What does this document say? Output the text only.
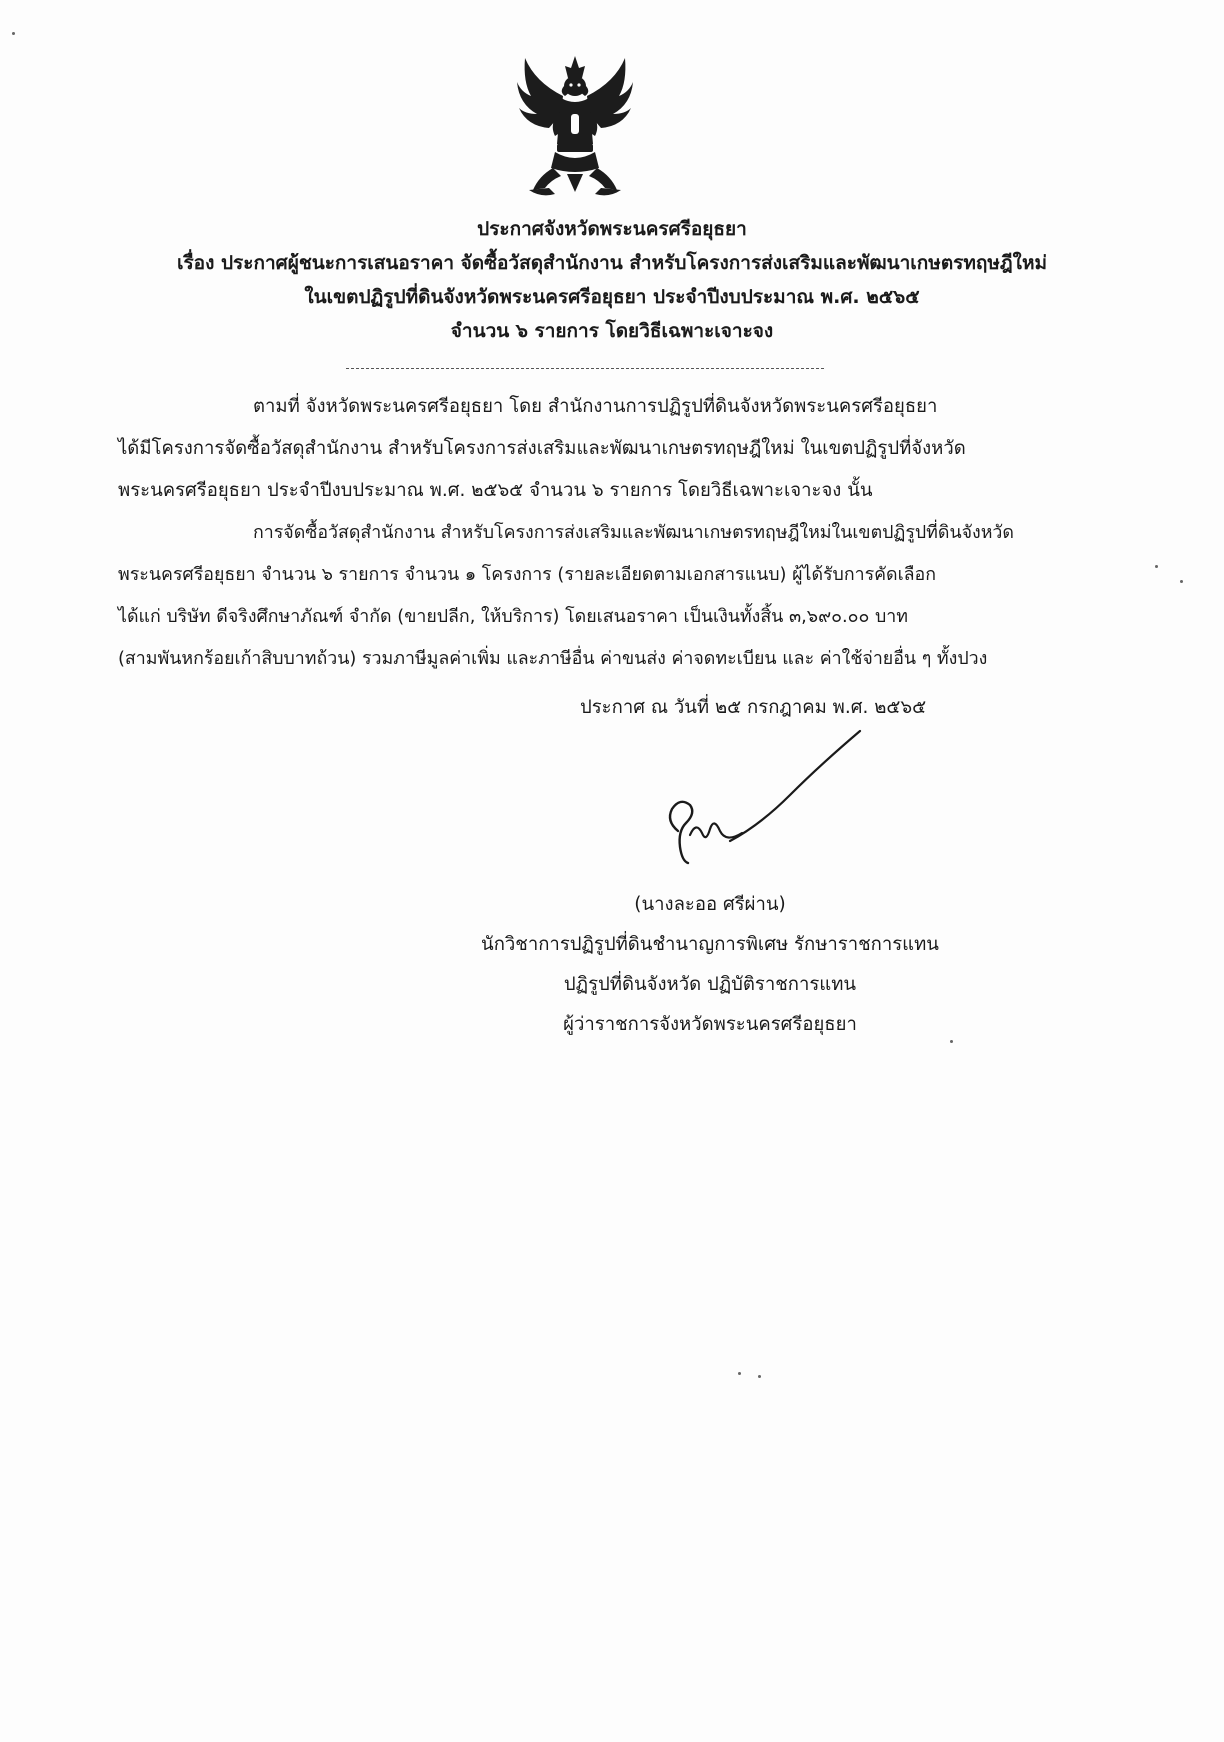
ประกาศจังหวัดพระนครศรีอยุธยา
เรื่อง ประกาศผู้ชนะการเสนอราคา จัดซื้อวัสดุสำนักงาน สำหรับโครงการส่งเสริมและพัฒนาเกษตรทฤษฎีใหม่
ในเขตปฏิรูปที่ดินจังหวัดพระนครศรีอยุธยา ประจำปีงบประมาณ พ.ศ. ๒๕๖๕
จำนวน ๖ รายการ โดยวิธีเฉพาะเจาะจง
ตามที่ จังหวัดพระนครศรีอยุธยา โดย สำนักงานการปฏิรูปที่ดินจังหวัดพระนครศรีอยุธยา
ได้มีโครงการจัดซื้อวัสดุสำนักงาน สำหรับโครงการส่งเสริมและพัฒนาเกษตรทฤษฎีใหม่ ในเขตปฏิรูปที่จังหวัด
พระนครศรีอยุธยา ประจำปีงบประมาณ พ.ศ. ๒๕๖๕ จำนวน ๖ รายการ โดยวิธีเฉพาะเจาะจง นั้น
การจัดซื้อวัสดุสำนักงาน สำหรับโครงการส่งเสริมและพัฒนาเกษตรทฤษฎีใหม่ในเขตปฏิรูปที่ดินจังหวัด
พระนครศรีอยุธยา จำนวน ๖ รายการ จำนวน ๑ โครงการ (รายละเอียดตามเอกสารแนบ) ผู้ได้รับการคัดเลือก
ได้แก่ บริษัท ดีจริงศึกษาภัณฑ์ จำกัด (ขายปลีก, ให้บริการ) โดยเสนอราคา เป็นเงินทั้งสิ้น ๓,๖๙๐.๐๐ บาท
(สามพันหกร้อยเก้าสิบบาทถ้วน) รวมภาษีมูลค่าเพิ่ม และภาษีอื่น ค่าขนส่ง ค่าจดทะเบียน และ ค่าใช้จ่ายอื่น ๆ ทั้งปวง
ประกาศ ณ วันที่ ๒๕ กรกฎาคม พ.ศ. ๒๕๖๕
(นางละออ ศรีผ่าน)
นักวิชาการปฏิรูปที่ดินชำนาญการพิเศษ รักษาราชการแทน
ปฏิรูปที่ดินจังหวัด ปฏิบัติราชการแทน
ผู้ว่าราชการจังหวัดพระนครศรีอยุธยา
